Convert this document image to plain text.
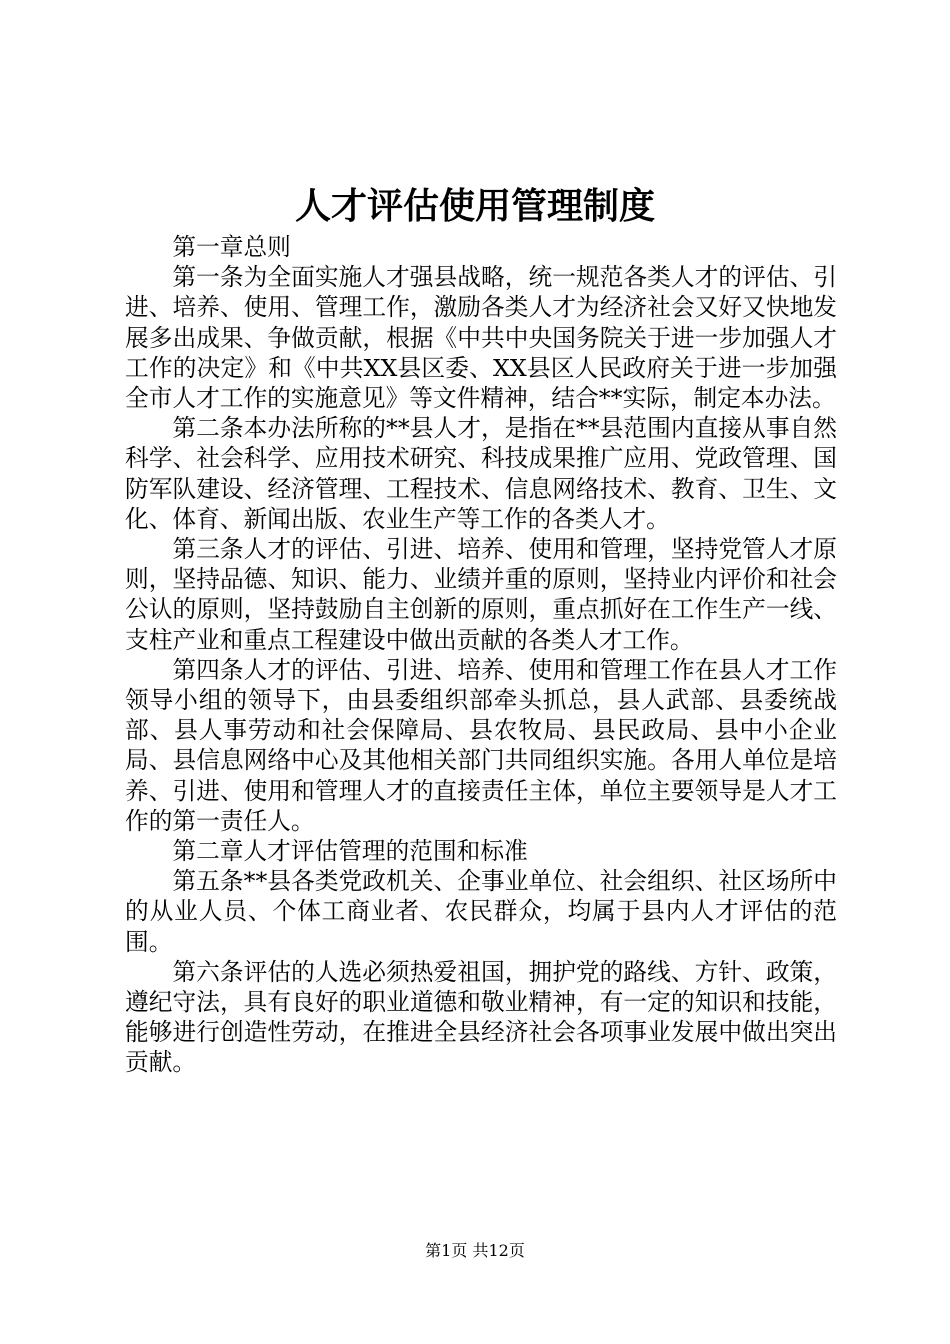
人才评估使用管理制度

第一章总则

第一条为全面实施人才强县战略，统一规范各类人才的评估、引进、培养、使用、管理工作，激励各类人才为经济社会又好又快地发展多出成果、争做贡献，根据《中共中央国务院关于进一步加强人才工作的决定》和《中共XX县区委、XX县区人民政府关于进一步加强全市人才工作的实施意见》等文件精神，结合**实际，制定本办法。

第二条本办法所称的**县人才，是指在**县范围内直接从事自然科学、社会科学、应用技术研究、科技成果推广应用、党政管理、国防军队建设、经济管理、工程技术、信息网络技术、教育、卫生、文化、体育、新闻出版、农业生产等工作的各类人才。

第三条人才的评估、引进、培养、使用和管理，坚持党管人才原则，坚持品德、知识、能力、业绩并重的原则，坚持业内评价和社会公认的原则，坚持鼓励自主创新的原则，重点抓好在工作生产一线、支柱产业和重点工程建设中做出贡献的各类人才工作。

第四条人才的评估、引进、培养、使用和管理工作在县人才工作领导小组的领导下，由县委组织部牵头抓总，县人武部、县委统战部、县人事劳动和社会保障局、县农牧局、县民政局、县中小企业局、县信息网络中心及其他相关部门共同组织实施。各用人单位是培养、引进、使用和管理人才的直接责任主体，单位主要领导是人才工作的第一责任人。

第二章人才评估管理的范围和标准

第五条**县各类党政机关、企事业单位、社会组织、社区场所中的从业人员、个体工商业者、农民群众，均属于县内人才评估的范围。

第六条评估的人选必须热爱祖国，拥护党的路线、方针、政策，遵纪守法，具有良好的职业道德和敬业精神，有一定的知识和技能，能够进行创造性劳动，在推进全县经济社会各项事业发展中做出突出贡献。

第1页 共12页
